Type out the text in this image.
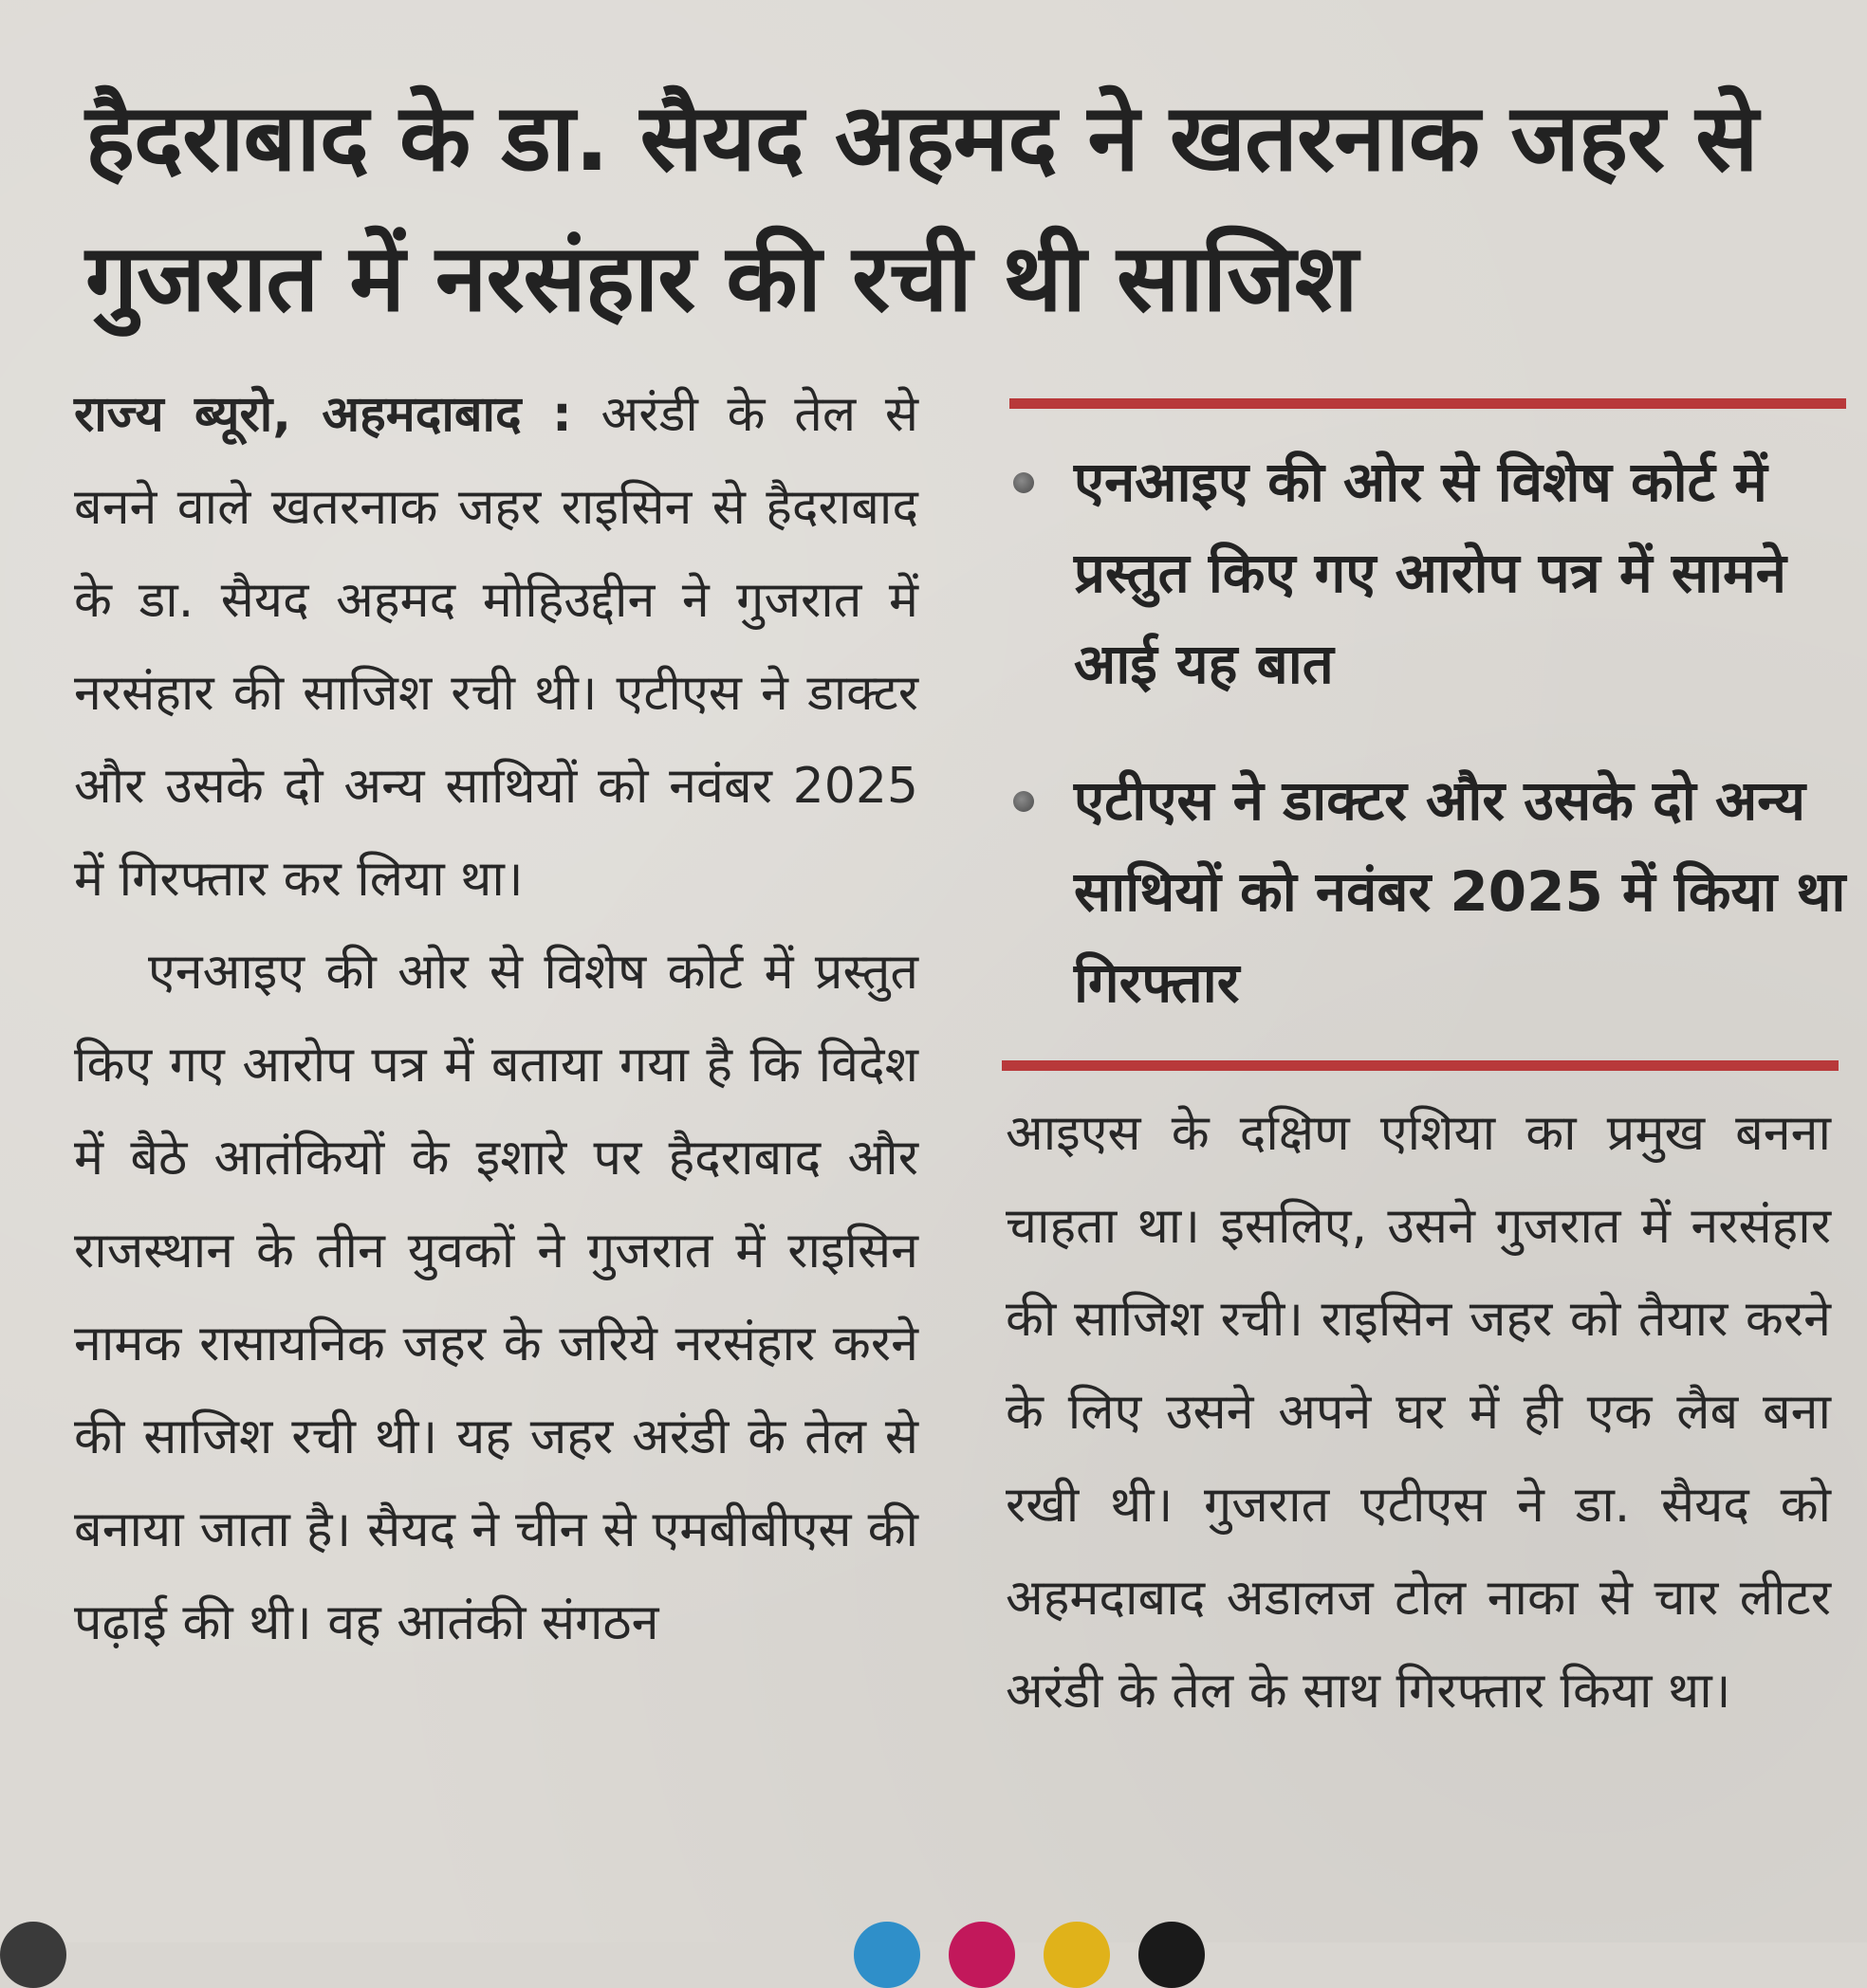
हैदराबाद के डा. सैयद अहमद ने खतरनाक जहर से गुजरात में नरसंहार की रची थी साजिश

राज्य ब्यूरो, अहमदाबाद : अरंडी के तेल से बनने वाले खतरनाक जहर राइसिन से हैदराबाद के डा. सैयद अहमद मोहिउद्दीन ने गुजरात में नरसंहार की साजिश रची थी। एटीएस ने डाक्टर और उसके दो अन्य साथियों को नवंबर 2025 में गिरफ्तार कर लिया था।

एनआइए की ओर से विशेष कोर्ट में प्रस्तुत किए गए आरोप पत्र में बताया गया है कि विदेश में बैठे आतंकियों के इशारे पर हैदराबाद और राजस्थान के तीन युवकों ने गुजरात में राइसिन नामक रासायनिक जहर के जरिये नरसंहार करने की साजिश रची थी। यह जहर अरंडी के तेल से बनाया जाता है। सैयद ने चीन से एमबीबीएस की पढ़ाई की थी। वह आतंकी संगठन

एनआइए की ओर से विशेष कोर्ट में प्रस्तुत किए गए आरोप पत्र में सामने आई यह बात
एटीएस ने डाक्टर और उसके दो अन्य साथियों को नवंबर 2025 में किया था गिरफ्तार

आइएस के दक्षिण एशिया का प्रमुख बनना चाहता था। इसलिए, उसने गुजरात में नरसंहार की साजिश रची। राइसिन जहर को तैयार करने के लिए उसने अपने घर में ही एक लैब बना रखी थी। गुजरात एटीएस ने डा. सैयद को अहमदाबाद अडालज टोल नाका से चार लीटर अरंडी के तेल के साथ गिरफ्तार किया था।
